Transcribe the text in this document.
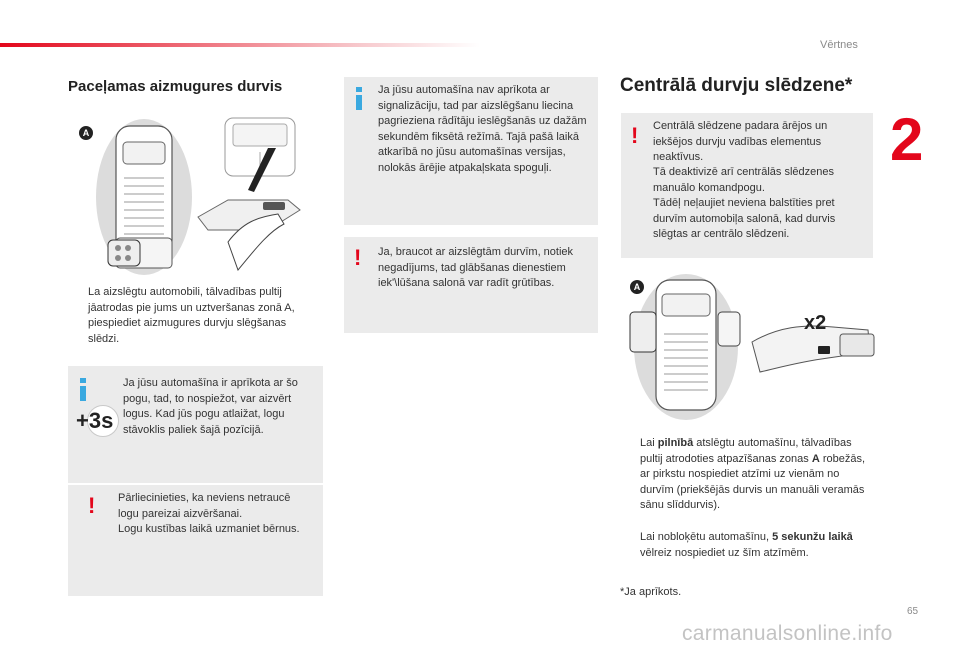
Vērtnes
2
Paceļamas aizmugures durvis
A
La aizslēgtu automobili, tālvadības pultij jāatrodas pie jums un uztveršanas zonā A, piespiediet aizmugures durvju slēgšanas slēdzi.

Ja jūsu automašīna ir aprīkota ar šo pogu, tad, to nospiežot, var aizvērt logus. Kad jūs pogu atlaižat, logu stāvoklis paliek šajā pozīcijā.

+3s
! Pārliecinieties, ka neviens netraucē logu pareizai aizvēršanai.

Logu kustības laikā uzmaniet bērnus.

Ja jūsu automašīna nav aprīkota ar signalizāciju, tad par aizslēgšanu liecina pagrieziena rādītāju ieslēgšanās uz dažām sekundēm fiksētā režīmā. Tajā pašā laikā atkarībā no jūsu automašīnas versijas, nolokās ārējie atpakaļskata spoguļi.

! Ja, braucot ar aizslēgtām durvīm, notiek negadījums, tad glābšanas dienestiem iek'\lūšana salonā var radīt grūtības.

Centrālā durvju slēdzene*
! Centrālā slēdzene padara ārējos un iekšējos durvju vadības elementus neaktīvus.

Tā deaktivizē arī centrālās slēdzenes manuālo komandpogu.

Tādēļ neļaujiet neviena balstīties pret durvīm automobiļa salonā, kad durvis slēgtas ar centrālo slēdzeni.

A
x2
Lai pilnībā atslēgtu automašīnu, tālvadības pultij atrodoties atpazīšanas zonas A robežās, ar pirkstu nospiediet atzīmi uz vienām no durvīm (priekšējās durvis un manuāli veramās sānu slīddurvis).
Lai nobloķētu automašīnu, 5 sekunžu laikā vēlreiz nospiediet uz šīm atzīmēm.
*Ja aprīkots.
65
carmanualsonline.info
